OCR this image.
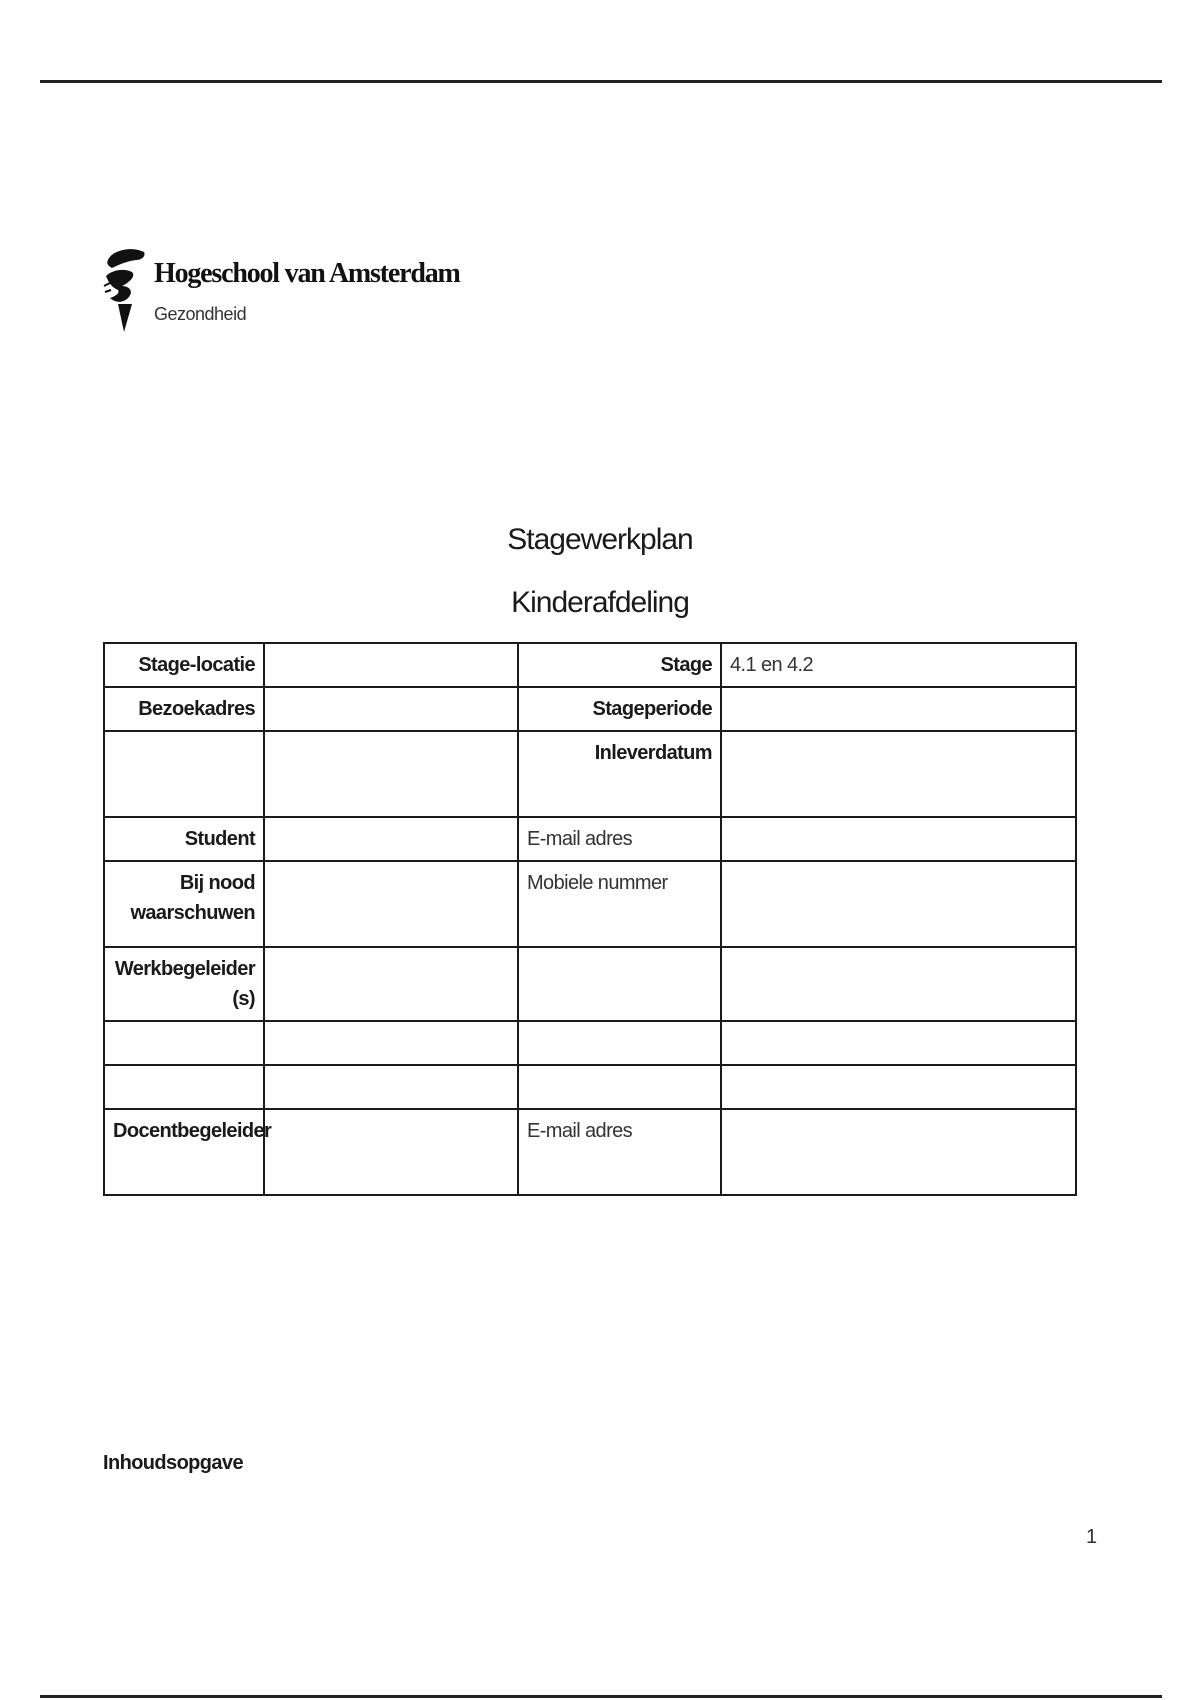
Hogeschool van Amsterdam
Gezondheid
Stagewerkplan
Kinderafdeling
Stage-locatie		Stage	4.1 en 4.2
Bezoekadres		Stageperiode	
		Inleverdatum	
Student		E-mail adres	
Bij nood waarschuwen		Mobiele nummer	
Werkbegeleider (s)			

Docentbegeleider		E-mail adres	
Inhoudsopgave
1
